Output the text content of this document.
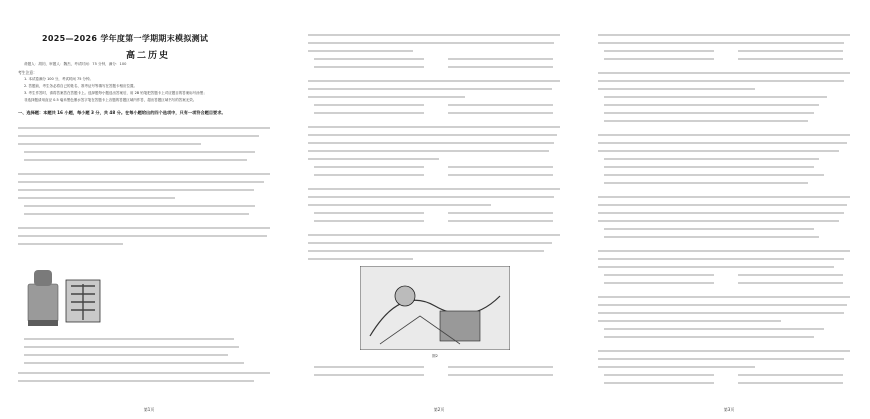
2025—2026 学年度第一学期期末模拟测试
高二历史
命题人：胡钧，审题人：魏杰，考试时间：75 分钟，满分：100
考生注意：
1. 本试卷满分 100 分，考试时间 75 分钟。
2. 答题前，考生务必将自己的姓名、准考证号等填写在答题卡相应位置。
3. 考生作答时，请将答案答在答题卡上。选择题每小题选出答案后，用 2B 铅笔把答题卡上对应题目的答案标号涂黑；
非选择题请用直径 0.5 毫米黑色墨水签字笔在答题卡上各题的答题区域内作答，超出答题区域书写的答案无效。
一、选择题：本题共 16 小题，每小题 3 分，共 48 分。在每小题给出的四个选项中，只有一项符合题目要求。
第1页
图2
第2页	第3页
